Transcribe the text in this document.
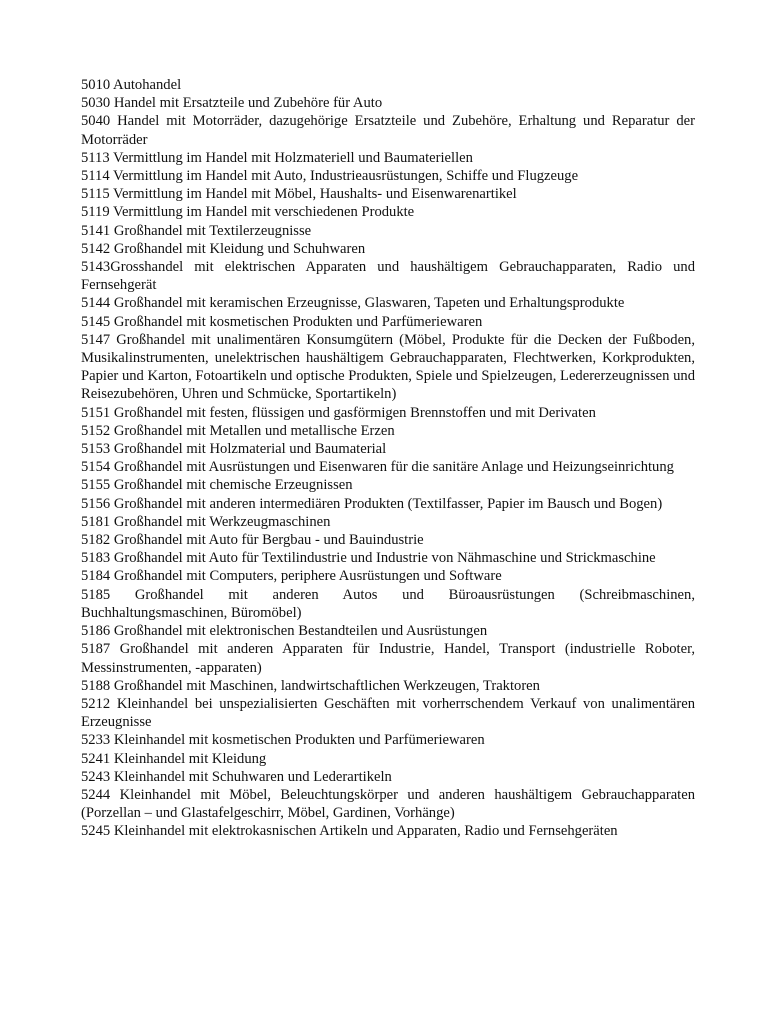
5010 Autohandel

5030 Handel mit Ersatzteile und Zubehöre für Auto

5040 Handel mit Motorräder, dazugehörige Ersatzteile und Zubehöre, Erhaltung und Reparatur der Motorräder

5113 Vermittlung im Handel mit Holzmateriell und Baumateriellen

5114 Vermittlung im Handel mit Auto, Industrieausrüstungen, Schiffe und Flugzeuge

5115 Vermittlung im Handel mit Möbel, Haushalts- und Eisenwarenartikel

5119 Vermittlung im Handel mit verschiedenen Produkte

5141 Großhandel mit Textilerzeugnisse

5142 Großhandel mit Kleidung und Schuhwaren

5143Grosshandel mit elektrischen Apparaten und haushältigem Gebrauchapparaten, Radio und Fernsehgerät

5144 Großhandel mit keramischen Erzeugnisse, Glaswaren, Tapeten und Erhaltungsprodukte

5145 Großhandel mit kosmetischen Produkten und Parfümeriewaren

5147 Großhandel mit unalimentären Konsumgütern (Möbel, Produkte für die Decken der Fußboden, Musikalinstrumenten, unelektrischen haushältigem Gebrauchapparaten, Flechtwerken, Korkprodukten, Papier und Karton, Fotoartikeln und optische Produkten, Spiele und Spielzeugen, Ledererzeugnissen und Reisezubehören, Uhren und Schmücke, Sportartikeln)

5151 Großhandel mit festen, flüssigen und gasförmigen Brennstoffen und mit Derivaten

5152 Großhandel mit Metallen und metallische Erzen

5153 Großhandel mit Holzmaterial und Baumaterial

5154 Großhandel mit Ausrüstungen und Eisenwaren für die sanitäre Anlage und Heizungseinrichtung

5155 Großhandel mit chemische Erzeugnissen

5156 Großhandel mit anderen intermediären Produkten (Textilfasser, Papier im Bausch und Bogen)

5181 Großhandel mit Werkzeugmaschinen

5182 Großhandel mit Auto für Bergbau - und Bauindustrie

5183 Großhandel mit Auto für Textilindustrie und Industrie von Nähmaschine und Strickmaschine

5184 Großhandel mit Computers, periphere Ausrüstungen und Software

5185 Großhandel mit anderen Autos und Büroausrüstungen (Schreibmaschinen, Buchhaltungsmaschinen, Büromöbel)

5186 Großhandel mit elektronischen Bestandteilen und Ausrüstungen

5187 Großhandel mit anderen Apparaten für Industrie, Handel, Transport (industrielle Roboter, Messinstrumenten, -apparaten)

5188 Großhandel mit Maschinen, landwirtschaftlichen Werkzeugen, Traktoren

5212 Kleinhandel bei unspezialisierten Geschäften mit vorherrschendem Verkauf von unalimentären Erzeugnisse

5233 Kleinhandel mit kosmetischen Produkten und Parfümeriewaren

5241 Kleinhandel mit Kleidung

5243 Kleinhandel mit Schuhwaren und Lederartikeln

5244 Kleinhandel mit Möbel, Beleuchtungskörper und anderen haushältigem Gebrauchapparaten (Porzellan – und Glastafelgeschirr, Möbel, Gardinen, Vorhänge)

5245 Kleinhandel mit elektrokasnischen Artikeln und Apparaten, Radio und Fernsehgeräten
